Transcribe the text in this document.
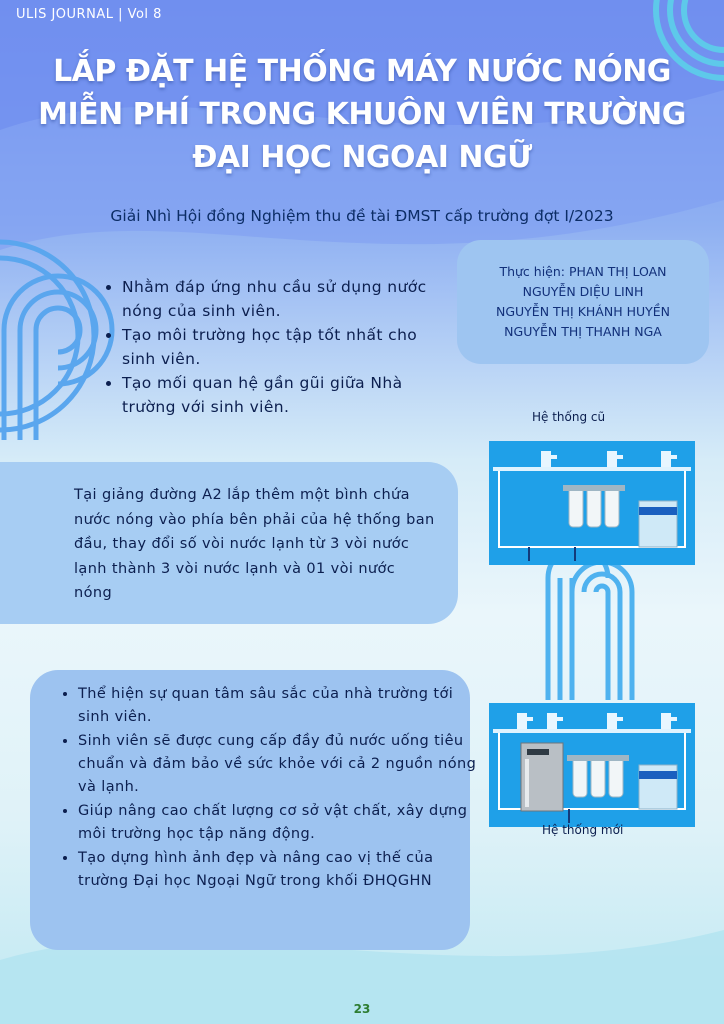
ULIS JOURNAL | Vol 8
LẮP ĐẶT HỆ THỐNG MÁY NƯỚC NÓNG
MIỄN PHÍ TRONG KHUÔN VIÊN TRƯỜNG
ĐẠI HỌC NGOẠI NGỮ
Giải Nhì Hội đồng Nghiệm thu đề tài ĐMST cấp trường đợt I/2023
Thực hiện: PHAN THỊ LOAN
NGUYỄN DIỆU LINH
NGUYỄN THỊ KHÁNH HUYỀN
NGUYỄN THỊ THANH NGA
• Nhằm đáp ứng nhu cầu sử dụng nước nóng của sinh viên.
• Tạo môi trường học tập tốt nhất cho sinh viên.
• Tạo mối quan hệ gần gũi giữa Nhà trường với sinh viên.
Tại giảng đường A2 lắp thêm một bình chứa nước nóng vào phía bên phải của hệ thống ban đầu, thay đổi số vòi nước lạnh từ 3 vòi nước lạnh thành 3 vòi nước lạnh và 01 vòi nước nóng
• Thể hiện sự quan tâm sâu sắc của nhà trường tới sinh viên.
• Sinh viên sẽ được cung cấp đầy đủ nước uống tiêu chuẩn và đảm bảo về sức khỏe với cả 2 nguồn nóng và lạnh.
• Giúp nâng cao chất lượng cơ sở vật chất, xây dựng môi trường học tập năng động.
• Tạo dựng hình ảnh đẹp và nâng cao vị thế của trường Đại học Ngoại Ngữ trong khối ĐHQGHN
Hệ thống cũ
Hệ thống mới
23
